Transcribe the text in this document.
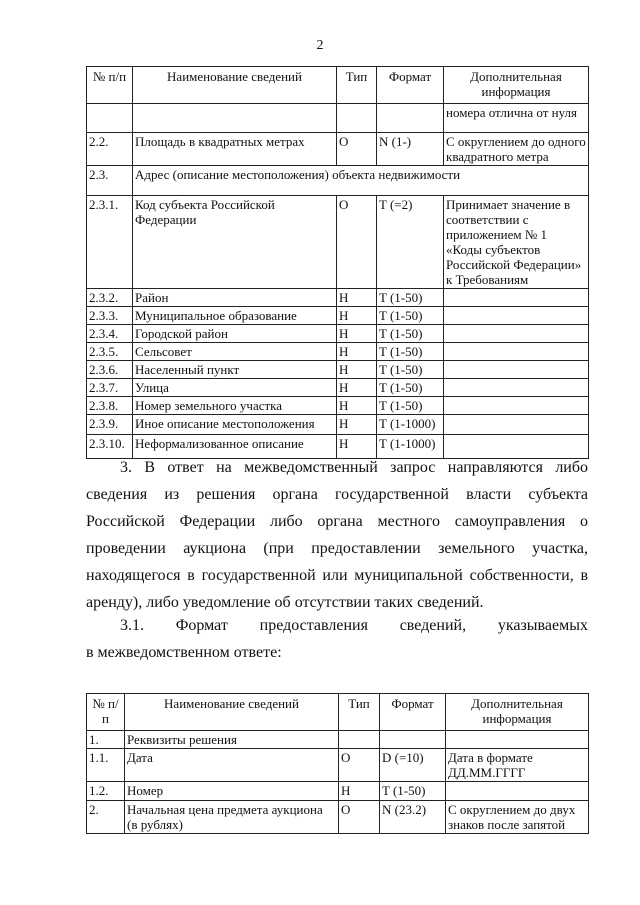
2
№ п/п	Наименование сведений	Тип	Формат	Дополнительная информация
				номера отлична от нуля
2.2.	Площадь в квадратных метрах	О	N (1-)	С округлением до одного квадратного метра
2.3.	Адрес (описание местоположения) объекта недвижимости			
2.3.1.	Код субъекта Российской Федерации	О	T (=2)	Принимает значение в соответствии с приложением № 1 «Коды субъектов Российской Федерации» к Требованиям
2.3.2.	Район	Н	T (1-50)	
2.3.3.	Муниципальное образование	Н	T (1-50)	
2.3.4.	Городской район	Н	T (1-50)	
2.3.5.	Сельсовет	Н	T (1-50)	
2.3.6.	Населенный пункт	Н	T (1-50)	
2.3.7.	Улица	Н	T (1-50)	
2.3.8.	Номер земельного участка	Н	T (1-50)	
2.3.9.	Иное описание местоположения	Н	T (1-1000)	
2.3.10.	Неформализованное описание	Н	T (1-1000)	

3. В ответ на межведомственный запрос направляются либо сведения из решения органа государственной власти субъекта Российской Федерации либо органа местного самоуправления о проведении аукциона (при предоставлении земельного участка, находящегося в государственной или муниципальной собственности, в аренду), либо уведомление об отсутствии таких сведений.

3.1. Формат предоставления сведений, указываемых

в межведомственном ответе:

№ п/п	Наименование сведений	Тип	Формат	Дополнительная информация
1.	Реквизиты решения			
1.1.	Дата	О	D (=10)	Дата в формате ДД.ММ.ГГГГ
1.2.	Номер	Н	T (1-50)	
2.	Начальная цена предмета аукциона (в рублях)	О	N (23.2)	С округлением до двух знаков после запятой
